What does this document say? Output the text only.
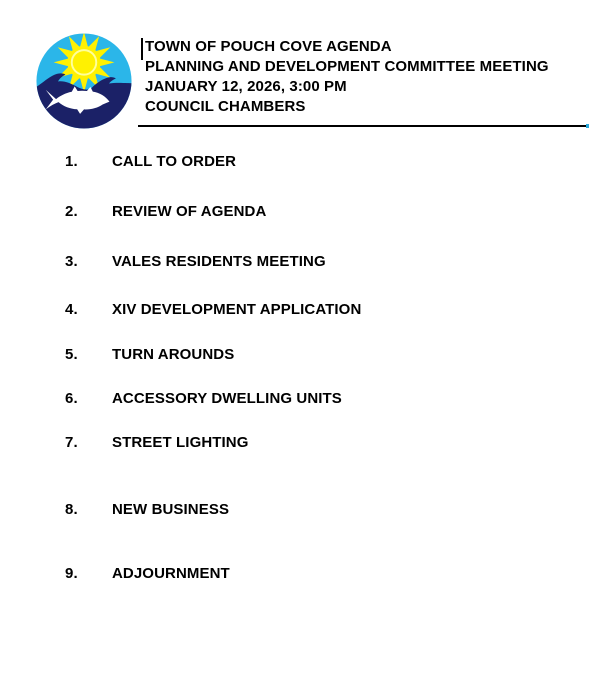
TOWN OF POUCH COVE AGENDA
PLANNING AND DEVELOPMENT COMMITTEE MEETING
JANUARY 12, 2026, 3:00 PM
COUNCIL CHAMBERS
1. CALL TO ORDER
2. REVIEW OF AGENDA
3. VALES RESIDENTS MEETING
4. XIV DEVELOPMENT APPLICATION
5. TURN AROUNDS
6. ACCESSORY DWELLING UNITS
7. STREET LIGHTING
8. NEW BUSINESS
9. ADJOURNMENT
